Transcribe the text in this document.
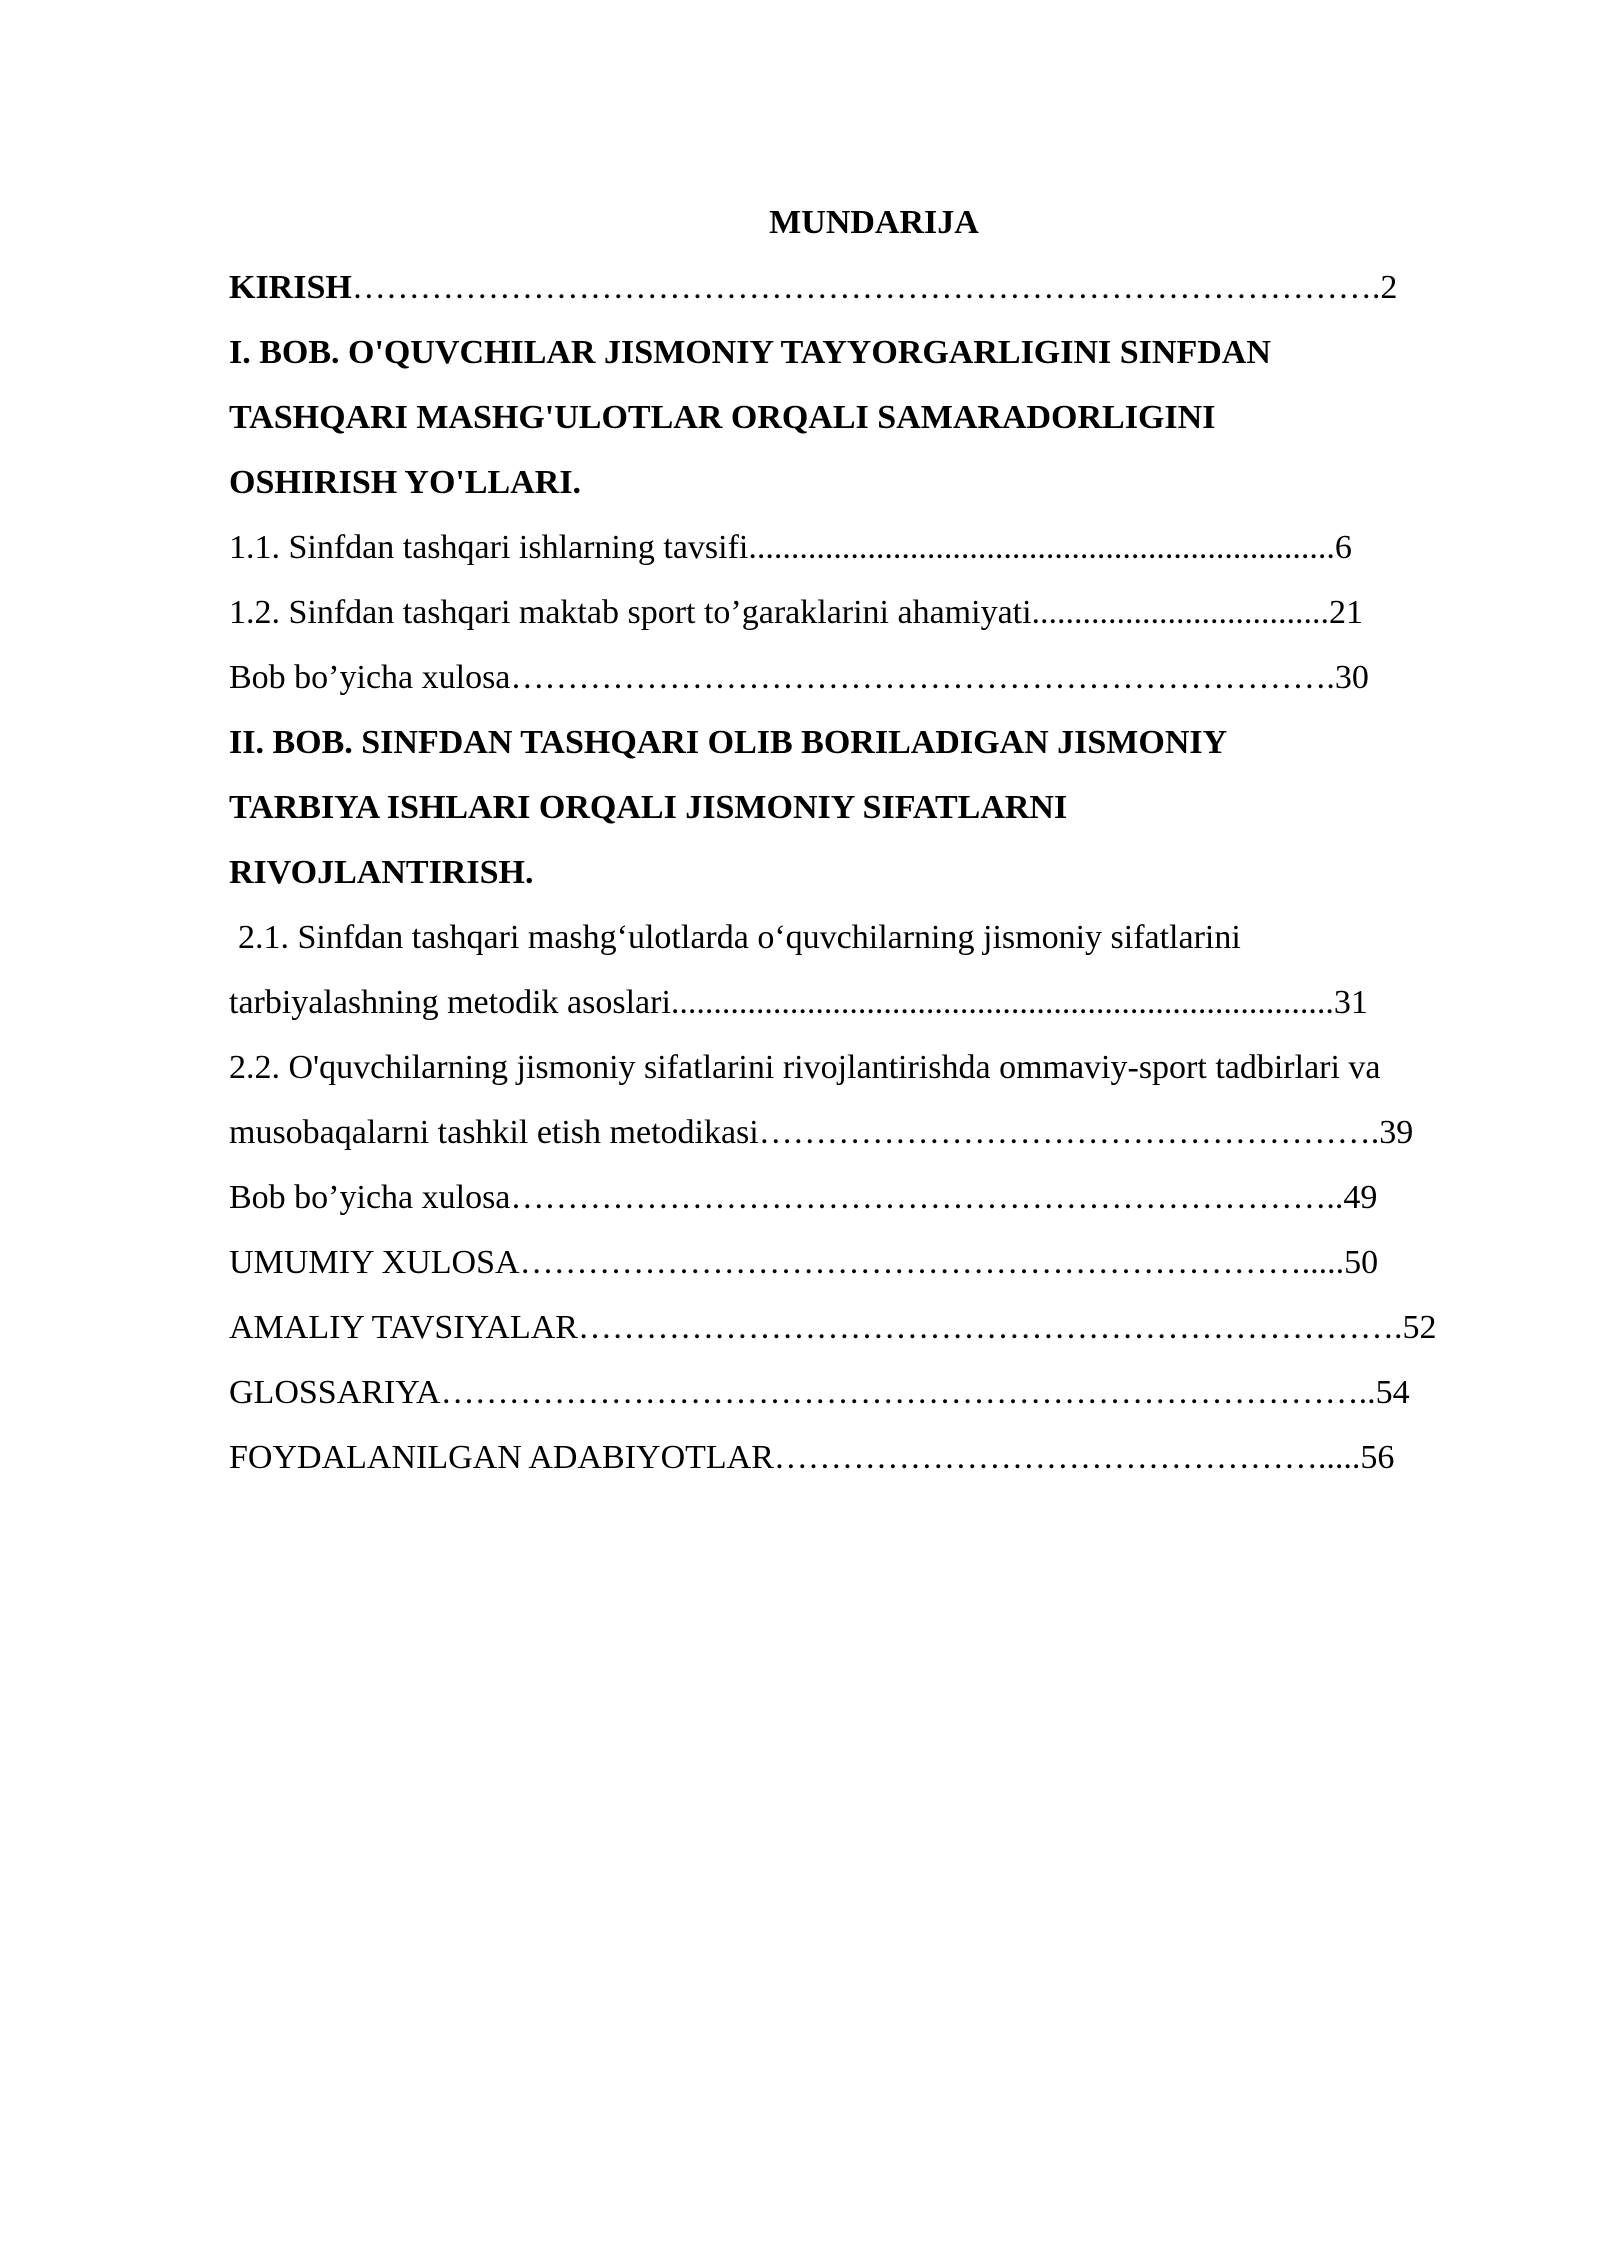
MUNDARIJA
KIRISH……………………………………………………………………………….2
I. BOB. O'QUVCHILAR JISMONIY TAYYORGARLIGINI SINFDAN
TASHQARI MASHG'ULOTLAR ORQALI SAMARADORLIGINI
OSHIRISH YO'LLARI.
1.1. Sinfdan tashqari ishlarning tavsifi.....................................................................6
1.2. Sinfdan tashqari maktab sport to’garaklarini ahamiyati...................................21
Bob bo’yicha xulosa……………………………………………………………….30
II. BOB. SINFDAN TASHQARI OLIB BORILADIGAN JISMONIY
TARBIYA ISHLARI ORQALI JISMONIY SIFATLARNI
RIVOJLANTIRISH.
2.1. Sinfdan tashqari mashg‘ulotlarda o‘quvchilarning jismoniy sifatlarini
tarbiyalashning metodik asoslari..............................................................................31
2.2. O'quvchilarning jismoniy sifatlarini rivojlantirishda ommaviy-sport tadbirlari va
musobaqalarni tashkil etish metodikasi……………………………………………….39
Bob bo’yicha xulosa………………………………………………………………..49
UMUMIY XULOSA…………………………………………………………….....50
AMALIY TAVSIYALAR……………………………………………………………….52
GLOSSARIYA………………………………………………………………………..54
FOYDALANILGAN ADABIYOTLAR………………………………………….....56
